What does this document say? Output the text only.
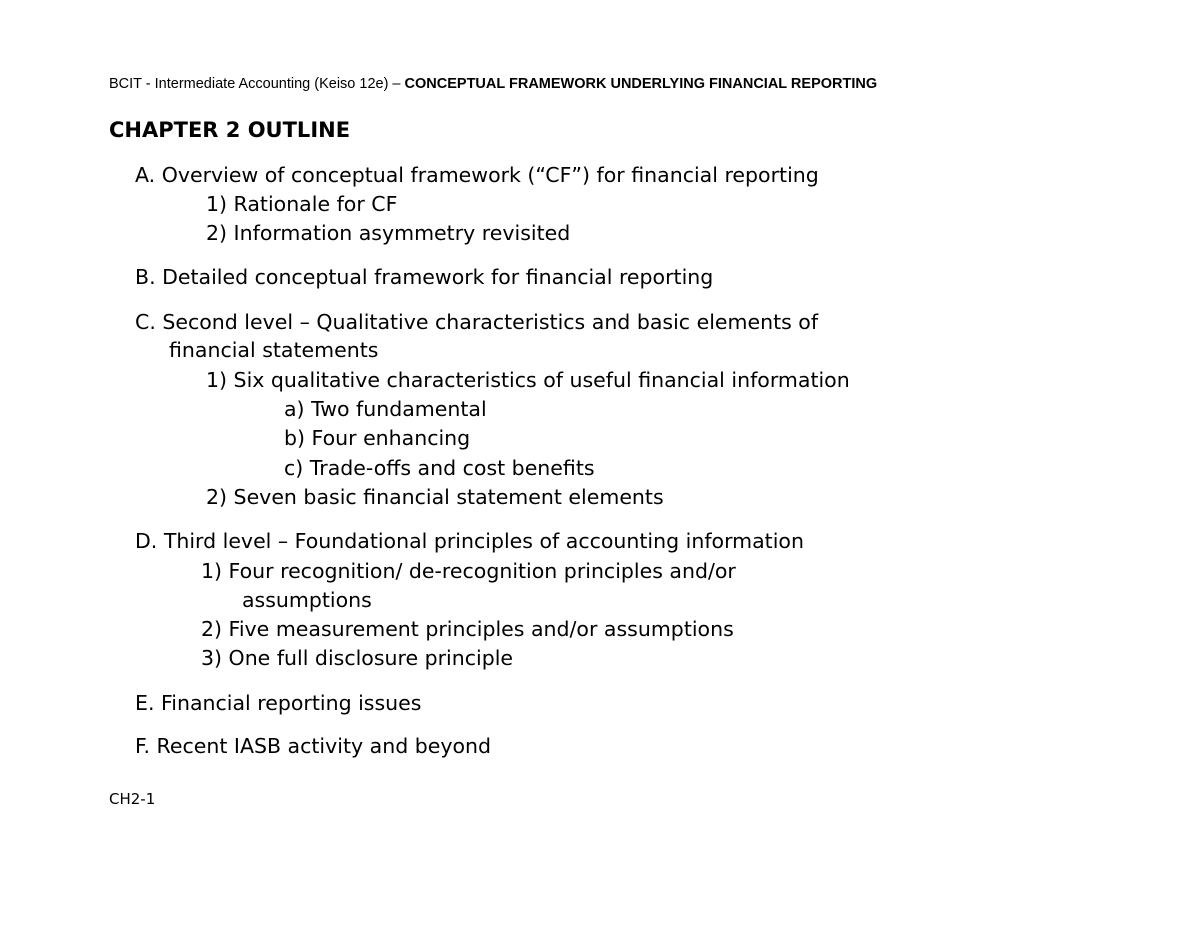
BCIT - Intermediate Accounting (Keiso 12e) – CONCEPTUAL FRAMEWORK UNDERLYING FINANCIAL REPORTING
CHAPTER 2 OUTLINE
A. Overview of conceptual framework (“CF”) for financial reporting
1) Rationale for CF
2) Information asymmetry revisited
B. Detailed conceptual framework for financial reporting
C. Second level – Qualitative characteristics and basic elements of
financial statements
1) Six qualitative characteristics of useful financial information
a) Two fundamental
b) Four enhancing
c) Trade-offs and cost benefits
2) Seven basic financial statement elements
D. Third level – Foundational principles of accounting information
1) Four recognition/ de-recognition principles and/or
assumptions
2) Five measurement principles and/or assumptions
3) One full disclosure principle
E. Financial reporting issues
F. Recent IASB activity and beyond
CH2-1
